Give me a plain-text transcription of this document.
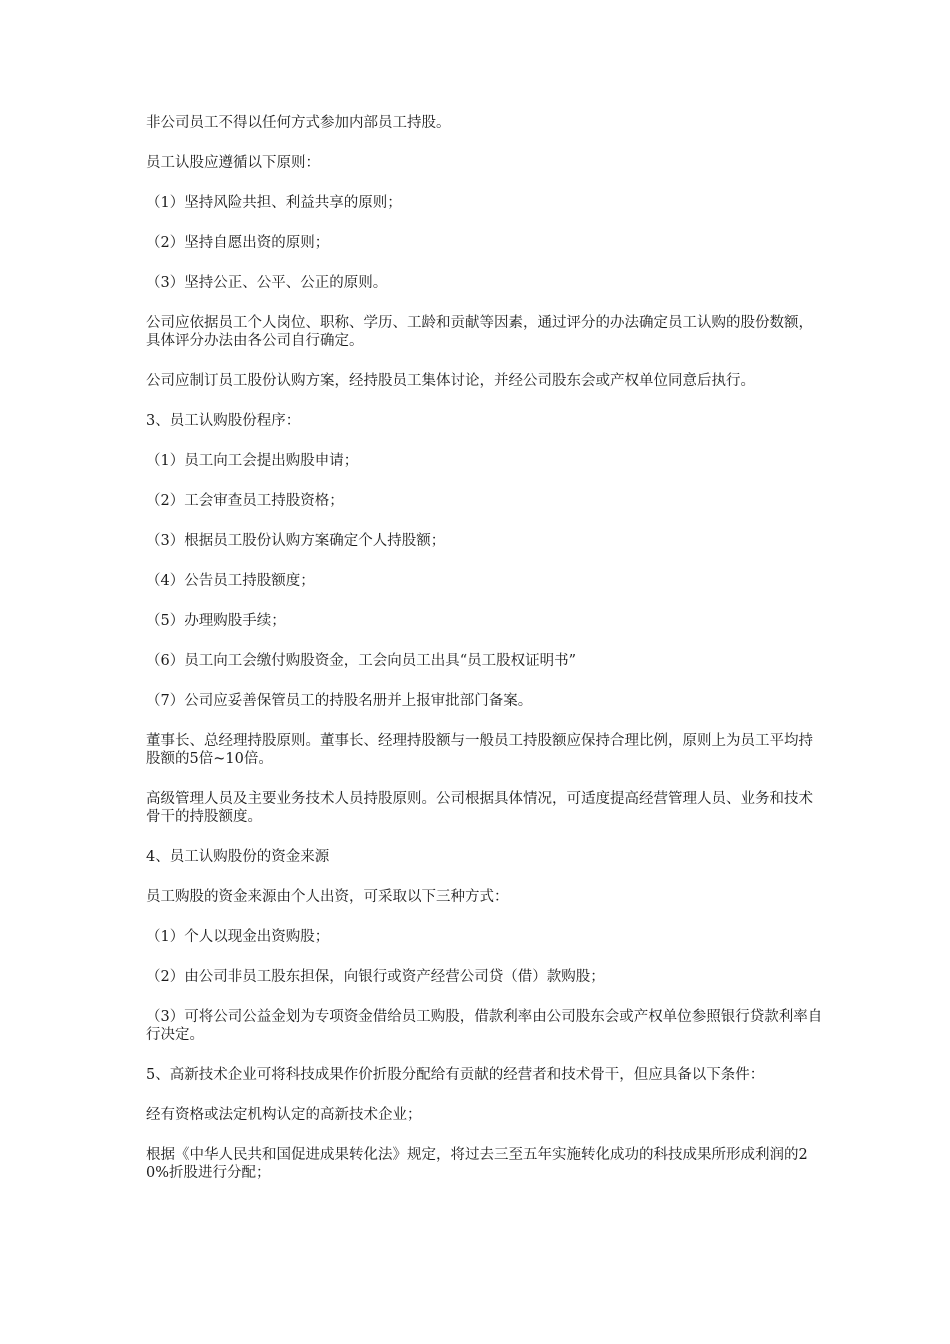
非公司员工不得以任何方式参加内部员工持股。

员工认股应遵循以下原则：

（1）坚持风险共担、利益共享的原则；

（2）坚持自愿出资的原则；

（3）坚持公正、公平、公正的原则。

公司应依据员工个人岗位、职称、学历、工龄和贡献等因素，通过评分的办法确定员工认购的股份数额，具体评分办法由各公司自行确定。

公司应制订员工股份认购方案，经持股员工集体讨论，并经公司股东会或产权单位同意后执行。

3、员工认购股份程序：

（1）员工向工会提出购股申请；

（2）工会审查员工持股资格；

（3）根据员工股份认购方案确定个人持股额；

（4）公告员工持股额度；

（5）办理购股手续；

（6）员工向工会缴付购股资金，工会向员工出具“员工股权证明书”

（7）公司应妥善保管员工的持股名册并上报审批部门备案。

董事长、总经理持股原则。董事长、经理持股额与一般员工持股额应保持合理比例，原则上为员工平均持股额的5倍~10倍。

高级管理人员及主要业务技术人员持股原则。公司根据具体情况，可适度提高经营管理人员、业务和技术骨干的持股额度。

4、员工认购股份的资金来源

员工购股的资金来源由个人出资，可采取以下三种方式：

（1）个人以现金出资购股；

（2）由公司非员工股东担保，向银行或资产经营公司贷（借）款购股；

（3）可将公司公益金划为专项资金借给员工购股，借款利率由公司股东会或产权单位参照银行贷款利率自行决定。

5、高新技术企业可将科技成果作价折股分配给有贡献的经营者和技术骨干，但应具备以下条件：

经有资格或法定机构认定的高新技术企业；

根据《中华人民共和国促进成果转化法》规定，将过去三至五年实施转化成功的科技成果所形成利润的20%折股进行分配；
